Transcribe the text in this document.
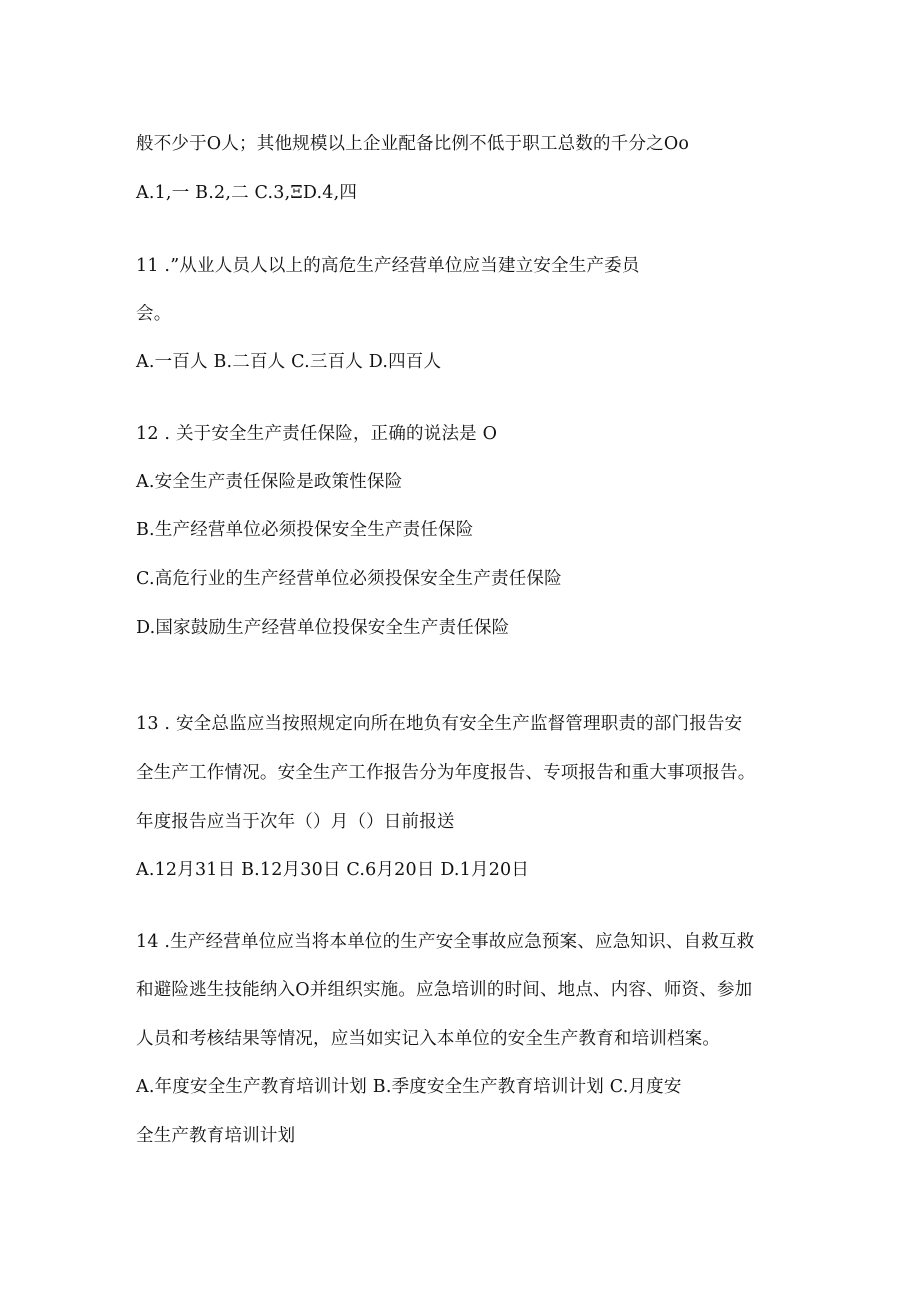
般不少于O人；其他规模以上企业配备比例不低于职工总数的千分之Oo
A.1,一 B.2,二 C.3,ΞD.4,四
11 .”从业人员人以上的高危生产经营单位应当建立安全生产委员
会。
A.一百人 B.二百人 C.三百人 D.四百人
12 . 关于安全生产责任保险，正确的说法是 O
A.安全生产责任保险是政策性保险
B.生产经营单位必须投保安全生产责任保险
C.高危行业的生产经营单位必须投保安全生产责任保险
D.国家鼓励生产经营单位投保安全生产责任保险
13 . 安全总监应当按照规定向所在地负有安全生产监督管理职责的部门报告安
全生产工作情况。安全生产工作报告分为年度报告、专项报告和重大事项报告。
年度报告应当于次年（）月（）日前报送
A.12月31日 B.12月30日 C.6月20日 D.1月20日
14 .生产经营单位应当将本单位的生产安全事故应急预案、应急知识、自救互救
和避险逃生技能纳入O并组织实施。应急培训的时间、地点、内容、师资、参加
人员和考核结果等情况，应当如实记入本单位的安全生产教育和培训档案。
A.年度安全生产教育培训计划 B.季度安全生产教育培训计划 C.月度安
全生产教育培训计划
